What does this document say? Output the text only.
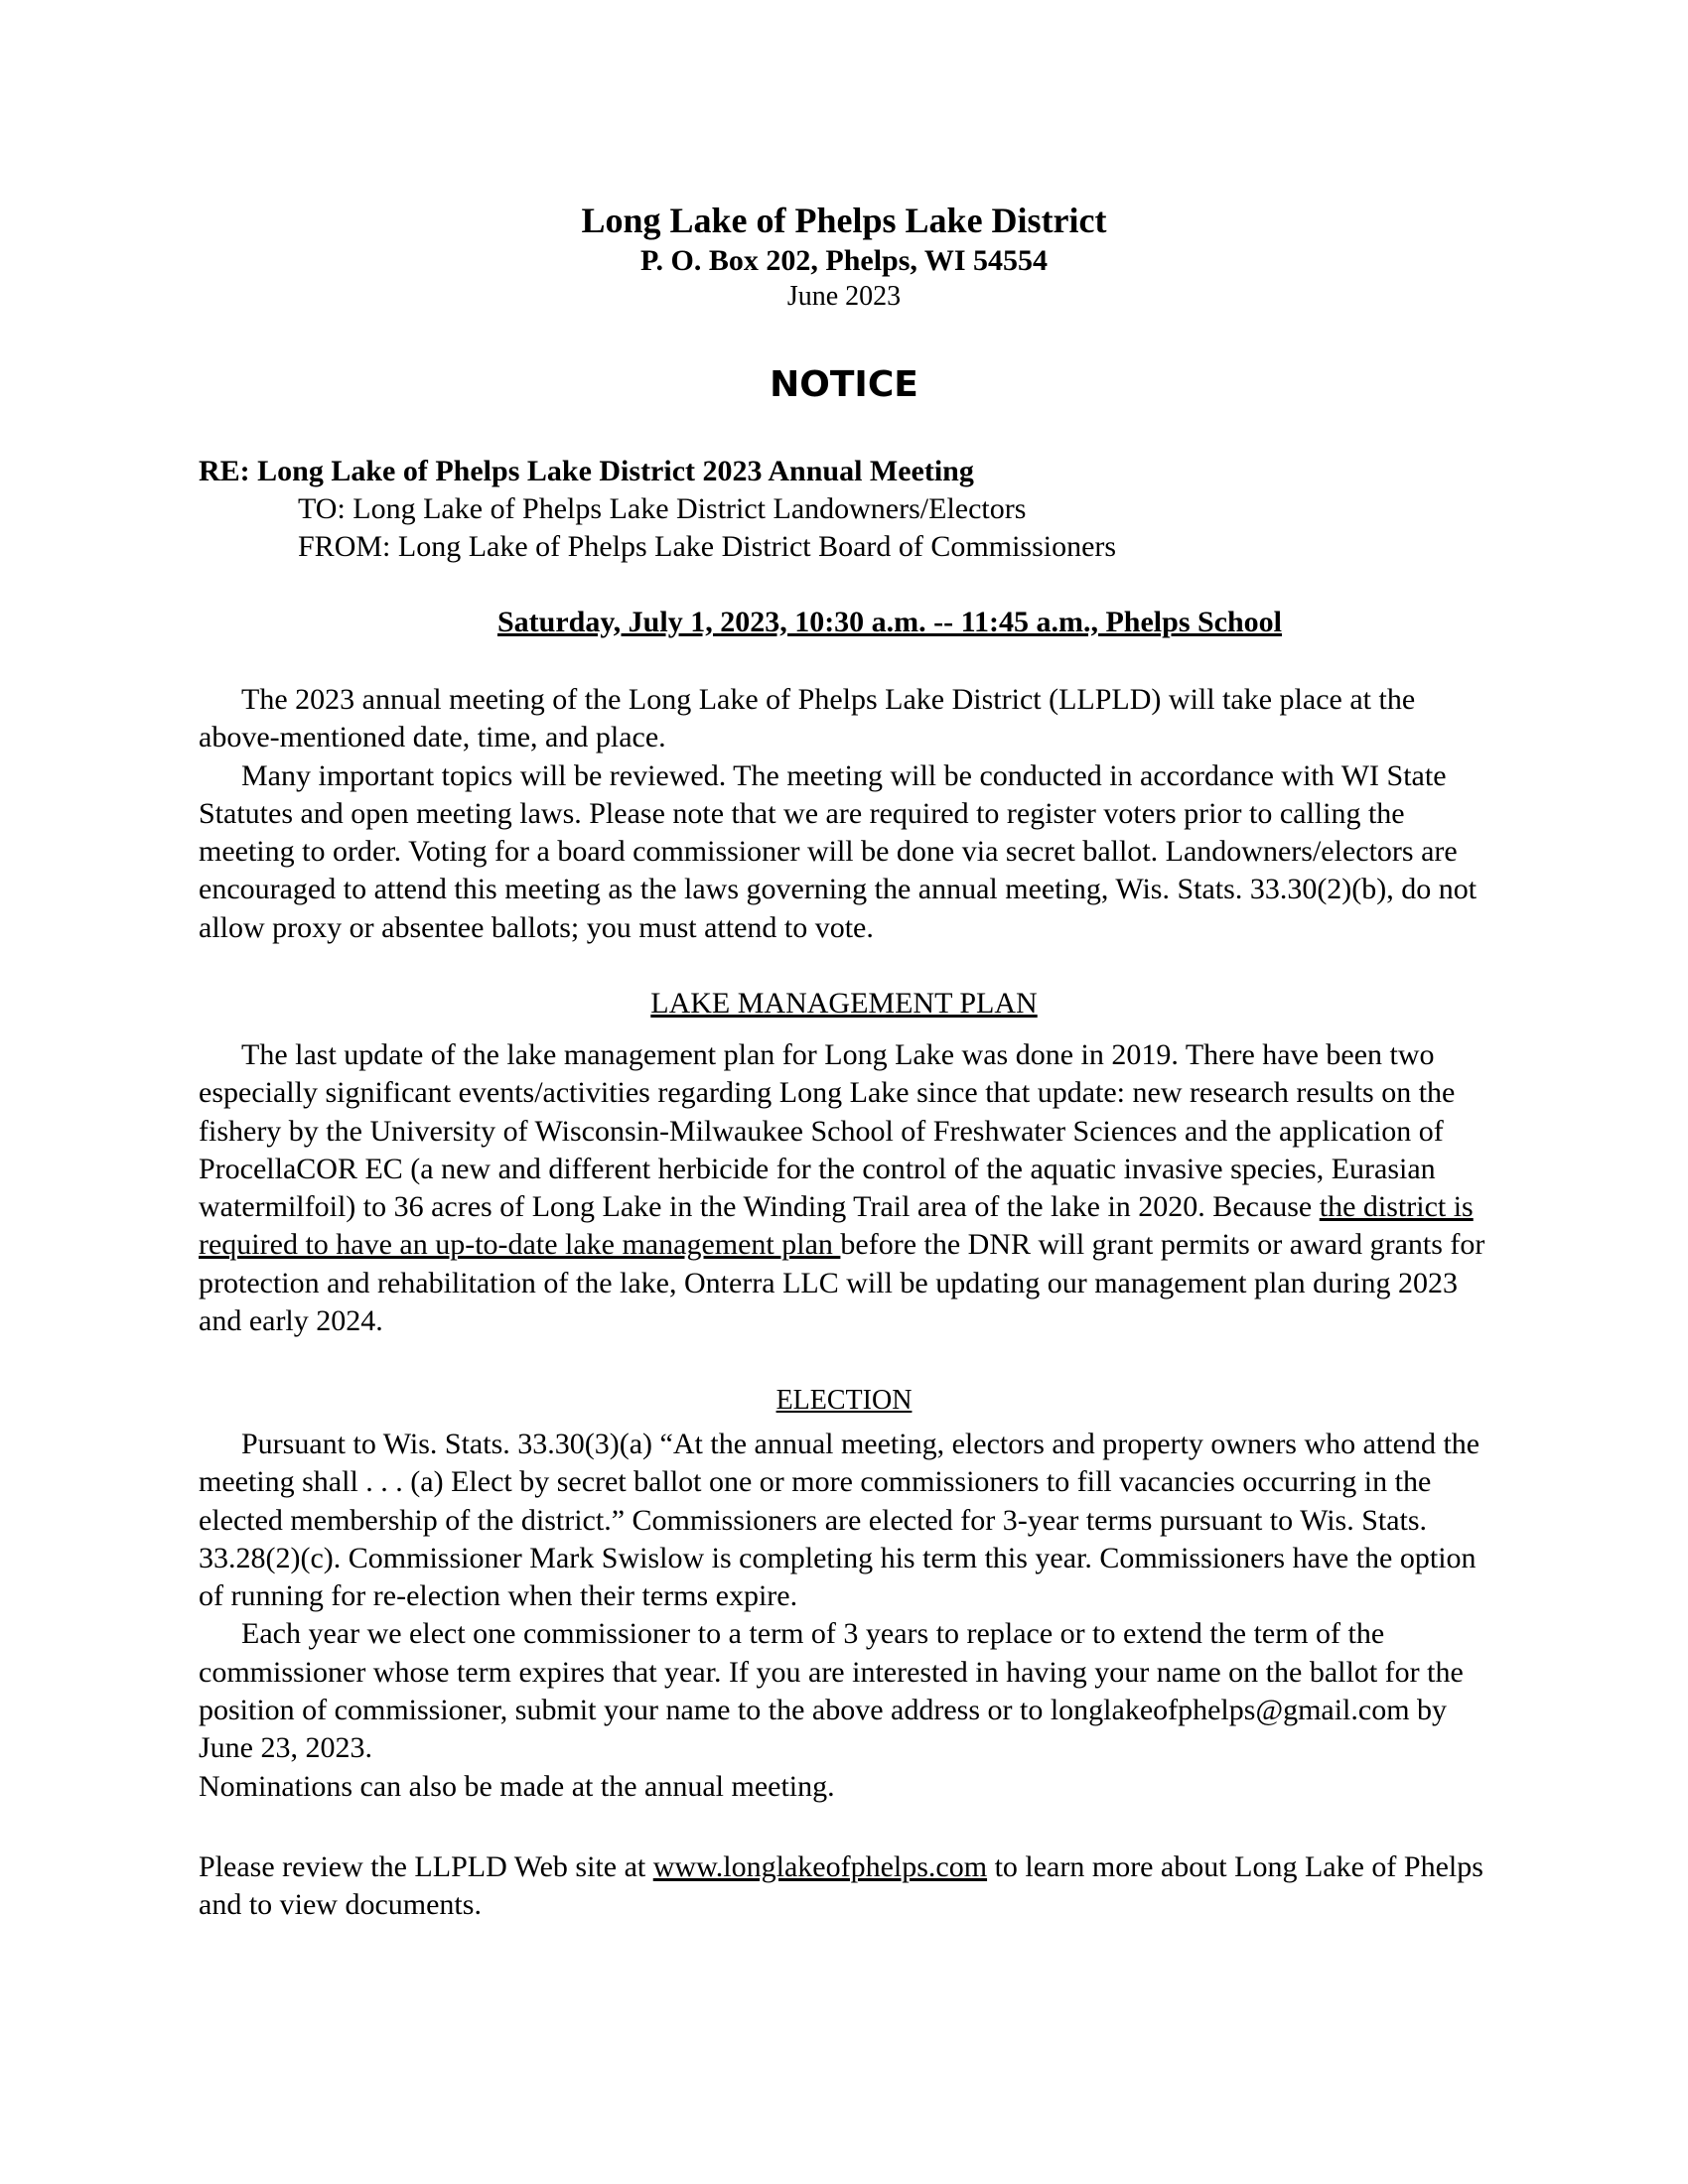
Long Lake of Phelps Lake District
P. O. Box 202, Phelps, WI 54554
June 2023
NOTICE
RE: Long Lake of Phelps Lake District 2023 Annual Meeting
TO: Long Lake of Phelps Lake District Landowners/Electors
FROM: Long Lake of Phelps Lake District Board of Commissioners
Saturday, July 1, 2023, 10:30 a.m. -- 11:45 a.m., Phelps School

The 2023 annual meeting of the Long Lake of Phelps Lake District (LLPLD) will take place at the above-mentioned date, time, and place.

Many important topics will be reviewed. The meeting will be conducted in accordance with WI State Statutes and open meeting laws. Please note that we are required to register voters prior to calling the meeting to order. Voting for a board commissioner will be done via secret ballot. Landowners/electors are encouraged to attend this meeting as the laws governing the annual meeting, Wis. Stats. 33.30(2)(b), do not allow proxy or absentee ballots; you must attend to vote.

LAKE MANAGEMENT PLAN

The last update of the lake management plan for Long Lake was done in 2019. There have been two especially significant events/activities regarding Long Lake since that update: new research results on the fishery by the University of Wisconsin-Milwaukee School of Freshwater Sciences and the application of ProcellaCOR EC (a new and different herbicide for the control of the aquatic invasive species, Eurasian watermilfoil) to 36 acres of Long Lake in the Winding Trail area of the lake in 2020. Because the district is required to have an up-to-date lake management plan before the DNR will grant permits or award grants for protection and rehabilitation of the lake, Onterra LLC will be updating our management plan during 2023 and early 2024.

ELECTION

Pursuant to Wis. Stats. 33.30(3)(a) “At the annual meeting, electors and property owners who attend the meeting shall . . . (a) Elect by secret ballot one or more commissioners to fill vacancies occurring in the elected membership of the district.” Commissioners are elected for 3-year terms pursuant to Wis. Stats. 33.28(2)(c). Commissioner Mark Swislow is completing his term this year. Commissioners have the option of running for re-election when their terms expire.

Each year we elect one commissioner to a term of 3 years to replace or to extend the term of the commissioner whose term expires that year. If you are interested in having your name on the ballot for the position of commissioner, submit your name to the above address or to longlakeofphelps@gmail.com by June 23, 2023.

Nominations can also be made at the annual meeting.

Please review the LLPLD Web site at www.longlakeofphelps.com to learn more about Long Lake of Phelps and to view documents.
